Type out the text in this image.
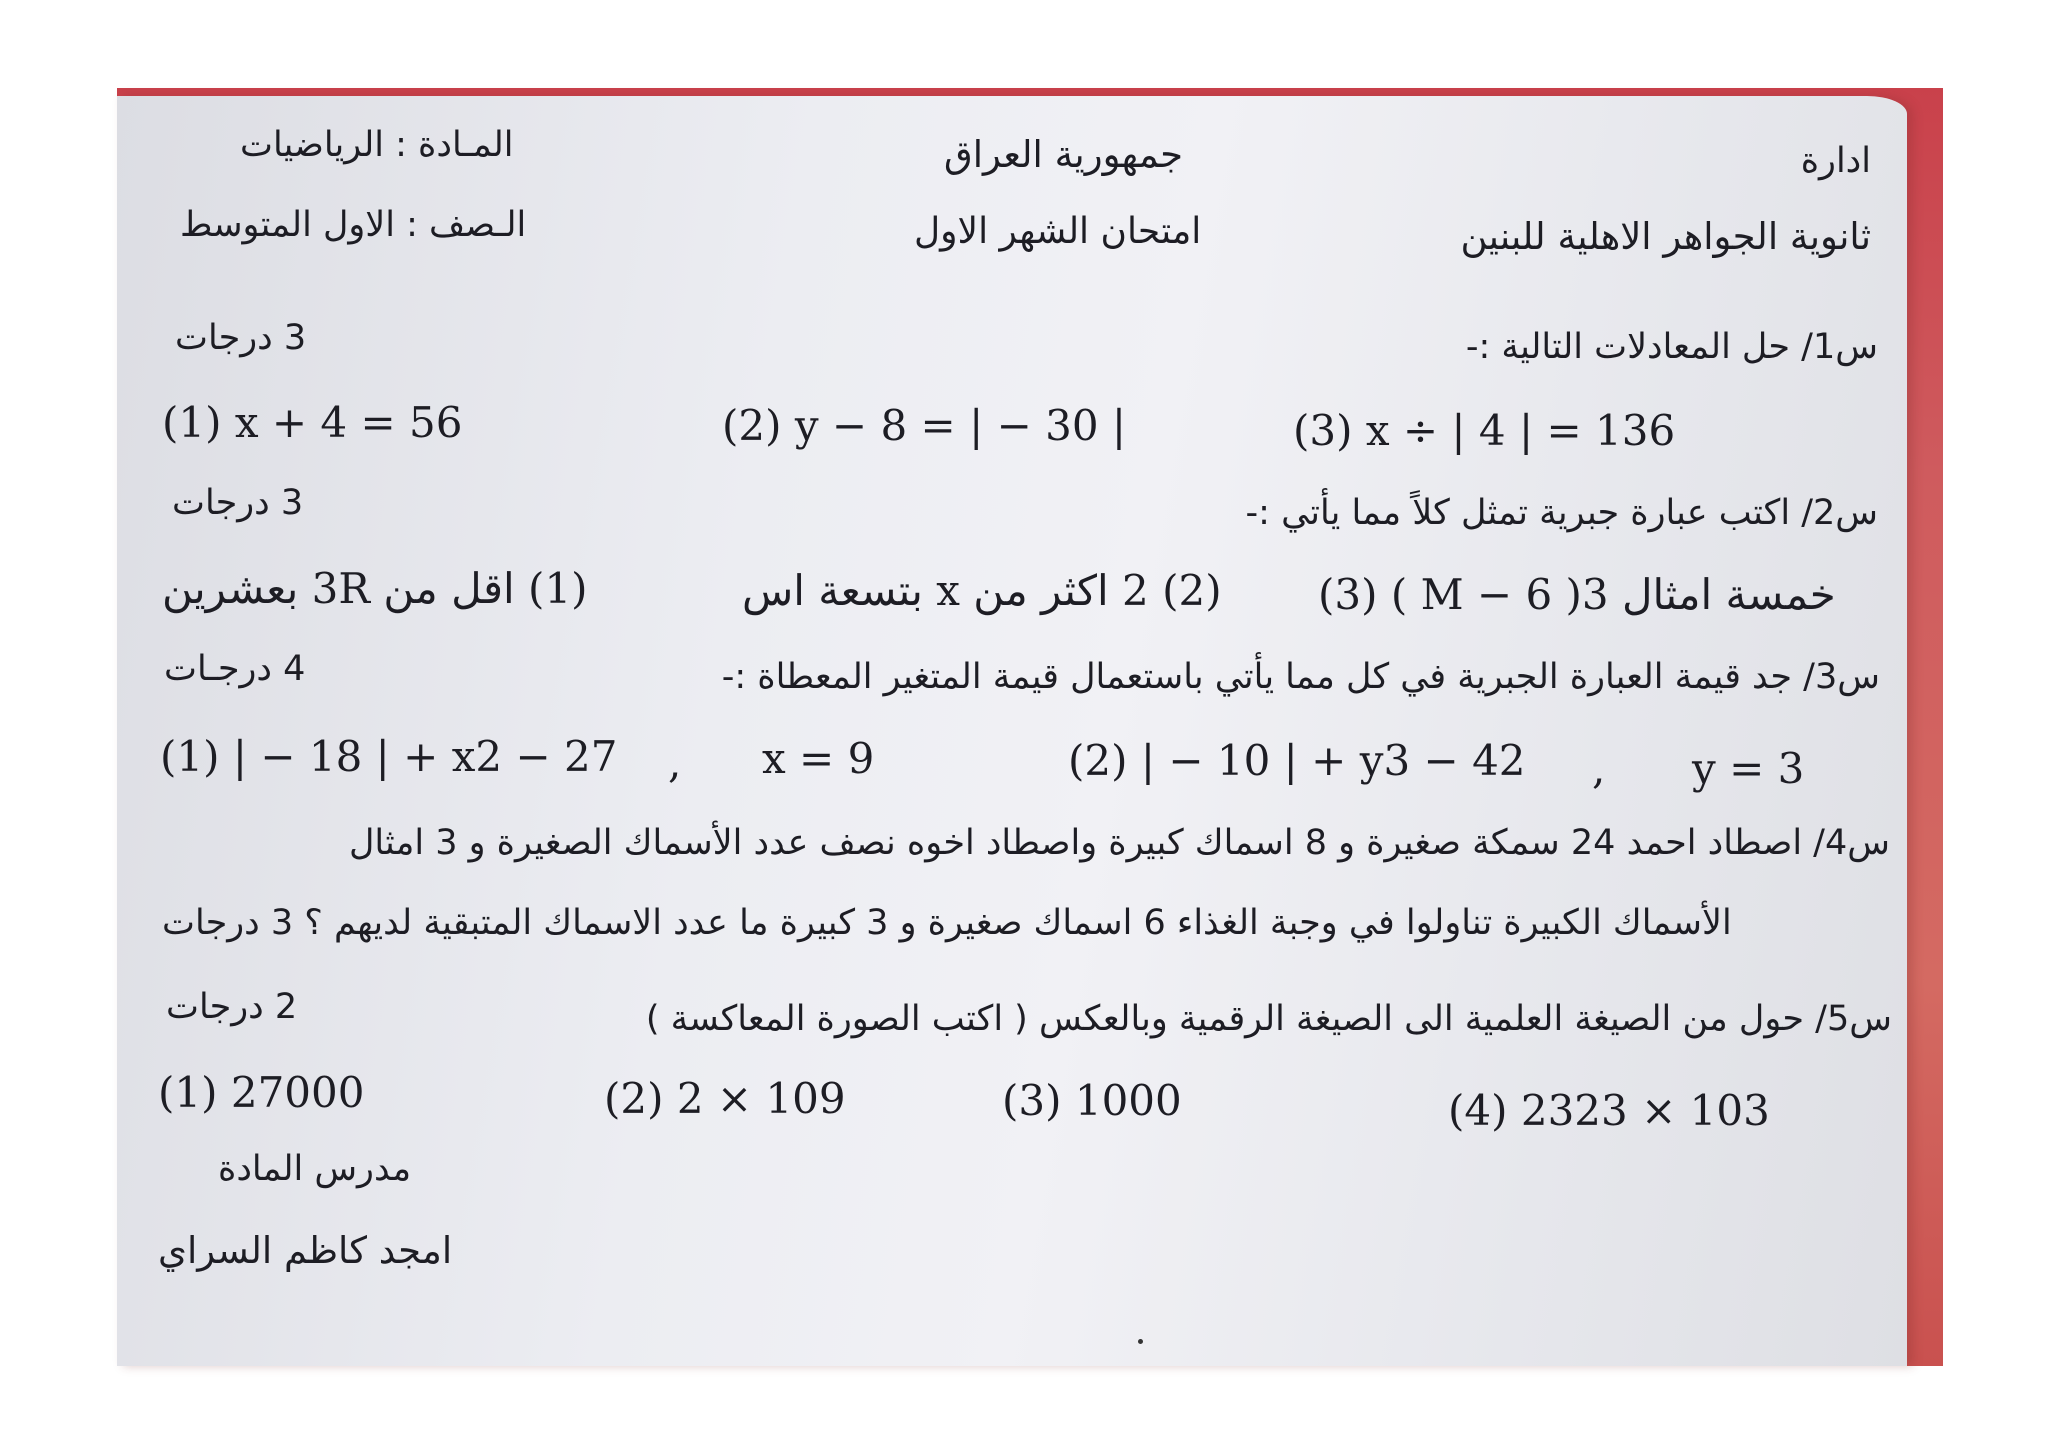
ادارة
ثانوية الجواهر الاهلية للبنين
جمهورية العراق
امتحان الشهر الاول
المـادة : الرياضيات
الـصف : الاول المتوسط
س1/ حل المعادلات التالية :-
3 درجات
(1) x + 4 = 56	(2) y − 8 = | − 30 |	(3) x ÷ | 4 | = 136
س2/ اكتب عبارة جبرية تمثل كلاً مما يأتي :-
3 درجات
(1) اقل من 3R بعشرين	(2) 2 اكثر من x بتسعة اس (3) ( M − 6 )3 خمسة امثال
س3/ جد قيمة العبارة الجبرية في كل مما يأتي باستعمال قيمة المتغير المعطاة :-
4 درجـات
(1) | − 18 | + x2 − 27 , x = 9	(2) | − 10 | + y3 − 42 , y = 3
س4/ اصطاد احمد 24 سمكة صغيرة و 8 اسماك كبيرة واصطاد اخوه نصف عدد الأسماك الصغيرة و 3 امثال
الأسماك الكبيرة تناولوا في وجبة الغذاء 6 اسماك صغيرة و 3 كبيرة ما عدد الاسماك المتبقية لديهم ؟ 3 درجات
س5/ حول من الصيغة العلمية الى الصيغة الرقمية وبالعكس ( اكتب الصورة المعاكسة )
2 درجات
(1) 27000	(2) 2 × 109	(3) 1000	(4) 2323 × 103
مدرس المادة
امجد كاظم السراي
